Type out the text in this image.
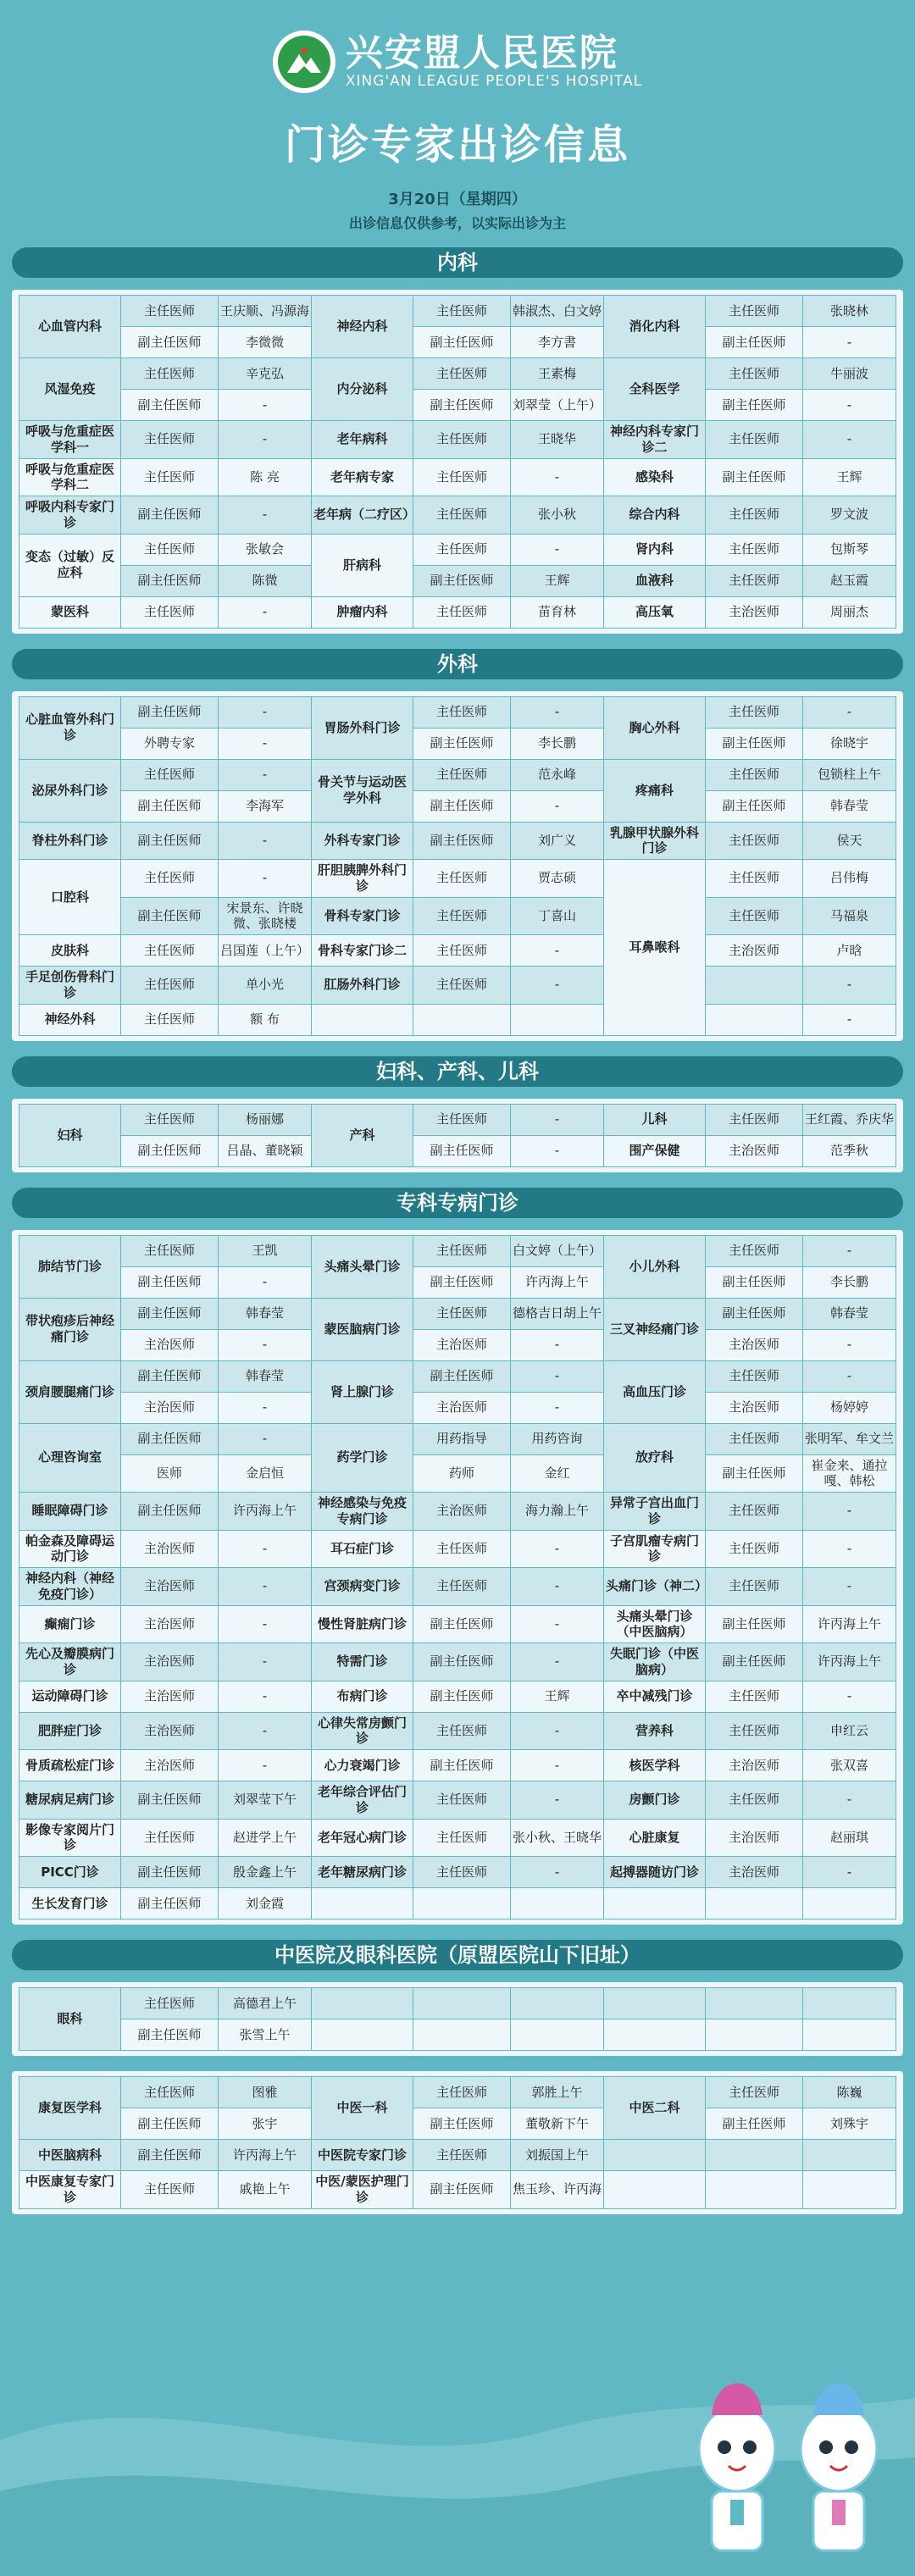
兴安盟人民医院
XING'AN LEAGUE PEOPLE'S HOSPITAL
门诊专家出诊信息
3月20日（星期四）
出诊信息仅供参考，以实际出诊为主
内科
心血管内科	主任医师	王庆顺、冯源海	神经内科	主任医师	韩淑杰、白文婷	消化内科	主任医师	张晓林
	副主任医师	李微微		副主任医师	李方書		副主任医师	-
风湿免疫	主任医师	辛克弘	内分泌科	主任医师	王素梅	全科医学	主任医师	牛丽波
	副主任医师	-		副主任医师	刘翠莹（上午）		副主任医师	-
呼吸与危重症医学科一	主任医师	-	老年病科	主任医师	王晓华	神经内科专家门诊二	主任医师	-
呼吸与危重症医学科二	主任医师	陈 亮	老年病专家	主任医师	-	感染科	副主任医师	王辉
呼吸内科专家门诊	副主任医师	-	老年病（二疗区）	主任医师	张小秋	综合内科	主任医师	罗文波
变态（过敏）反应科	主任医师	张敏会	肝病科	主任医师	-	肾内科	主任医师	包斯琴
	副主任医师	陈微		副主任医师	王辉	血液科	主任医师	赵玉霞
蒙医科	主任医师	-	肿瘤内科	主任医师	苗育林	高压氧	主治医师	周丽杰
外科
心脏血管外科门诊	副主任医师	-	胃肠外科门诊	主任医师	-	胸心外科	主任医师	-
	外聘专家	-		副主任医师	李长鹏		副主任医师	徐晓宇
泌尿外科门诊	主任医师	-	骨关节与运动医学外科	主任医师	范永峰	疼痛科	主任医师	包锁柱上午
	副主任医师	李海军		副主任医师	-		副主任医师	韩春莹
脊柱外科门诊	副主任医师	-	外科专家门诊	副主任医师	刘广义	乳腺甲状腺外科门诊	主任医师	侯天
口腔科	主任医师	-	肝胆胰脾外科门诊	主任医师	贾志硕	耳鼻喉科	主任医师	吕伟梅
	副主任医师	宋景东、许晓微、张晓楼	骨科专家门诊	主任医师	丁喜山		主任医师	马福泉
皮肤科	主任医师	吕国莲（上午）	骨科专家门诊二	主任医师	-		主治医师	卢晗
手足创伤骨科门诊	主任医师	单小光	肛肠外科门诊	主任医师	-			-
神经外科	主任医师	额 布						-
妇科、产科、儿科
妇科	主任医师	杨丽娜	产科	主任医师	-	儿科	主任医师	王红霞、乔庆华
	副主任医师	吕晶、董晓颖		副主任医师	-	围产保健	主治医师	范季秋
专科专病门诊
肺结节门诊	主任医师	王凯	头痛头晕门诊	主任医师	白文婷（上午）	小儿外科	主任医师	-
	副主任医师	-		副主任医师	许丙海上午		副主任医师	李长鹏
带状疱疹后神经痛门诊	副主任医师	韩春莹	蒙医脑病门诊	主任医师	德格吉日胡上午	三叉神经痛门诊	副主任医师	韩春莹
	主治医师	-		主治医师	-		主治医师	-
颈肩腰腿痛门诊	副主任医师	韩春莹	肾上腺门诊	副主任医师	-	高血压门诊	主任医师	-
	主治医师	-		主治医师	-		主治医师	杨婷婷
心理咨询室	副主任医师	-	药学门诊	用药指导	用药咨询	放疗科	主任医师	张明军、牟文兰
	医师	金启恒		药师	金红		副主任医师	崔金来、通拉嘎、韩松
睡眠障碍门诊	副主任医师	许丙海上午	神经感染与免疫专病门诊	主治医师	海力瀚上午	异常子宫出血门诊	主任医师	-
帕金森及障碍运动门诊	主治医师	-	耳石症门诊	主任医师	-	子宫肌瘤专病门诊	主任医师	-
神经内科（神经免疫门诊）	主治医师	-	宫颈病变门诊	主任医师	-	头痛门诊（神二）	主任医师	-
癫痫门诊	主治医师	-	慢性肾脏病门诊	副主任医师	-	头痛头晕门诊（中医脑病）	副主任医师	许丙海上午
先心及瓣膜病门诊	主治医师	-	特需门诊	副主任医师	-	失眠门诊（中医脑病）	副主任医师	许丙海上午
运动障碍门诊	主治医师	-	布病门诊	副主任医师	王辉	卒中减残门诊	主任医师	-
肥胖症门诊	主治医师	-	心律失常房颤门诊	主任医师	-	营养科	主任医师	申红云
骨质疏松症门诊	主治医师	-	心力衰竭门诊	副主任医师	-	核医学科	主治医师	张双喜
糖尿病足病门诊	副主任医师	刘翠莹下午	老年综合评估门诊	主任医师	-	房颤门诊	主任医师	-
影像专家阅片门诊	主任医师	赵进学上午	老年冠心病门诊	主任医师	张小秋、王晓华	心脏康复	主治医师	赵丽琪
PICC门诊	副主任医师	殷金鑫上午	老年糖尿病门诊	主任医师	-	起搏器随访门诊	主治医师	-
生长发育门诊	副主任医师	刘金霞						
中医院及眼科医院（原盟医院山下旧址）
眼科	主任医师	高德君上午						
	副主任医师	张雪上午						
康复医学科	主任医师	图雅	中医一科	主任医师	郭胜上午	中医二科	主任医师	陈巍
	副主任医师	张宇		副主任医师	董敬新下午		副主任医师	刘殊宇
中医脑病科	副主任医师	许丙海上午	中医院专家门诊	主任医师	刘振国上午			
中医康复专家门诊	主任医师	戚艳上午	中医/蒙医护理门诊	副主任医师	焦玉珍、许丙海			
